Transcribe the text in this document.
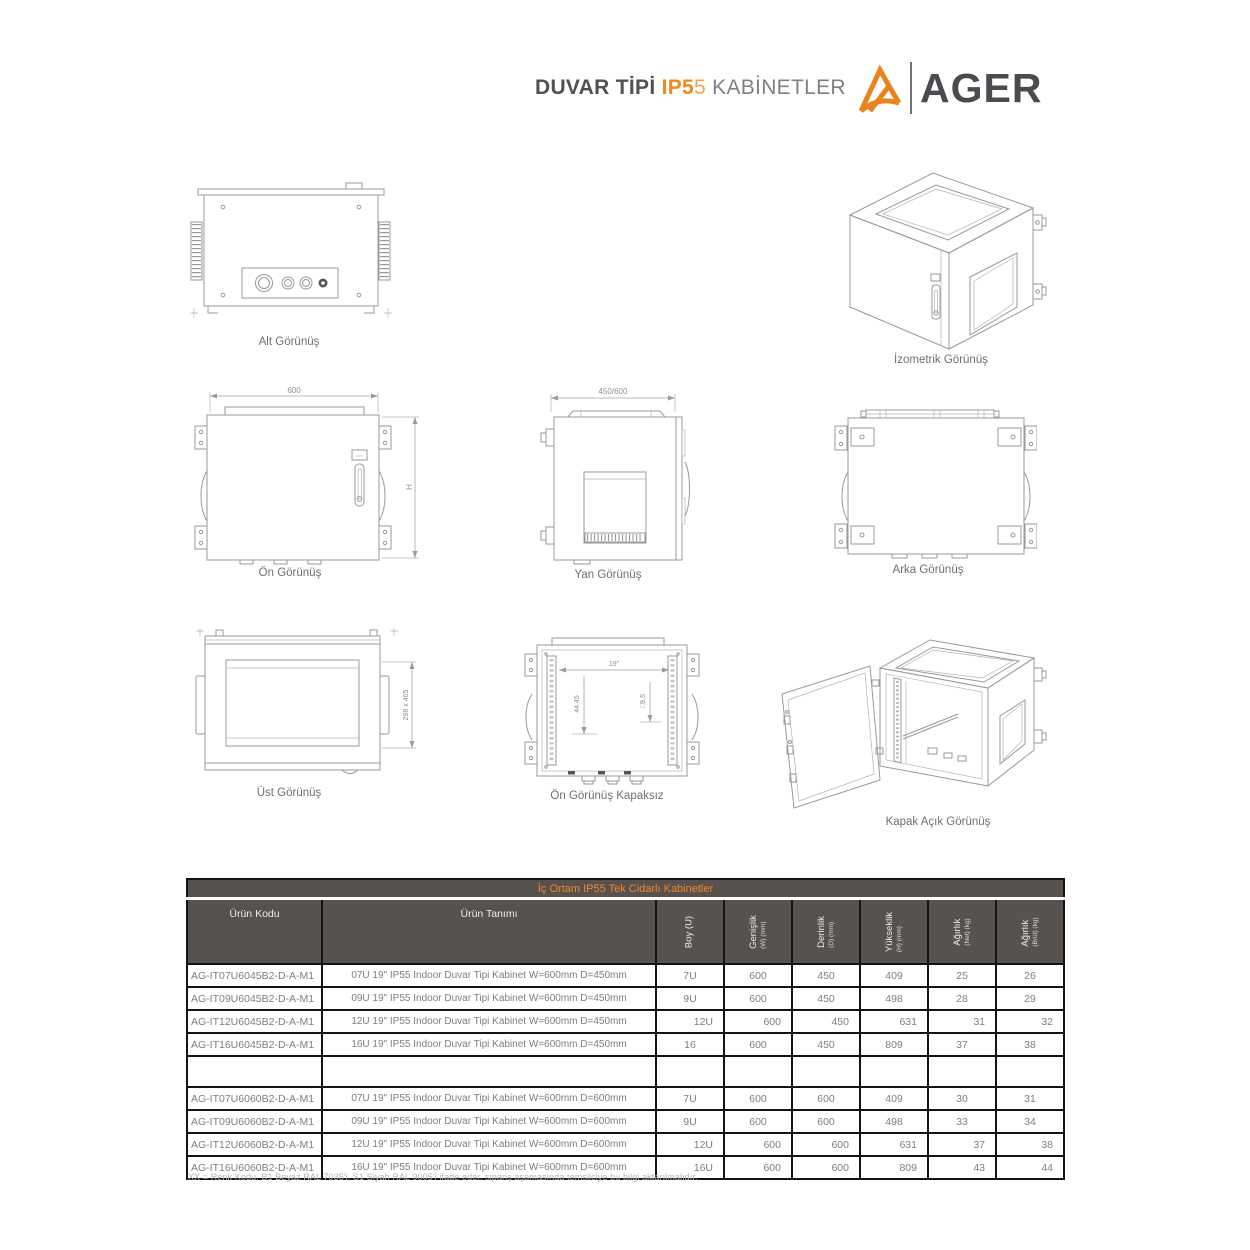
DUVAR TİPİ IP55 KABİNETLER AGER
Alt Görünüş
İzometrik Görünüş
600
H
Ön Görünüş
450/600
Yan Görünüş	Arka Görünüş
298 x 465
Üst Görünüş
19"
44,45	□9,5
Ön Görünüş Kapaksız
Kapak Açık Görünüş
İç Ortam IP55 Tek Cidarlı Kabinetler							
Ürün Kodu	Ürün Tanımı	Boy (U)	Genişlik (W) (mm)	Derinlik (D) (mm)	Yükseklik (H) (mm)	Ağırlık (Net) (kg)	Ağırlık (Brüt) (kg)

AG-IT07U6045B2-D-A-M1	07U 19" IP55 Indoor Duvar Tipi Kabinet W=600mm D=450mm	7U	600	450	409	25	26
AG-IT09U6045B2-D-A-M1	09U 19" IP55 Indoor Duvar Tipi Kabinet W=600mm D=450mm	9U	600	450	498	28	29
AG-IT12U6045B2-D-A-M1	12U 19" IP55 Indoor Duvar Tipi Kabinet W=600mm D=450mm	12U	600	450	631	31	32
AG-IT16U6045B2-D-A-M1	16U 19" IP55 Indoor Duvar Tipi Kabinet W=600mm D=450mm	16	600	450	809	37	38

AG-IT07U6060B2-D-A-M1	07U 19" IP55 Indoor Duvar Tipi Kabinet W=600mm D=600mm	7U	600	600	409	30	31
AG-IT09U6060B2-D-A-M1	09U 19" IP55 Indoor Duvar Tipi Kabinet W=600mm D=600mm	9U	600	600	498	33	34
AG-IT12U6060B2-D-A-M1	12U 19" IP55 Indoor Duvar Tipi Kabinet W=600mm D=600mm	12U	600	600	631	37	38
AG-IT16U6060B2-D-A-M1	16U 19" IP55 Indoor Duvar Tipi Kabinet W=600mm D=600mm	16U	600	600	809	43	44
XX = Renk Kodu, B1 Beyaz RAL 7035'i, S1 Siyah RAL 9005'i ifade eder, sipariş aşamasında temsilciye bu bilgi aktarılmalıdır.
